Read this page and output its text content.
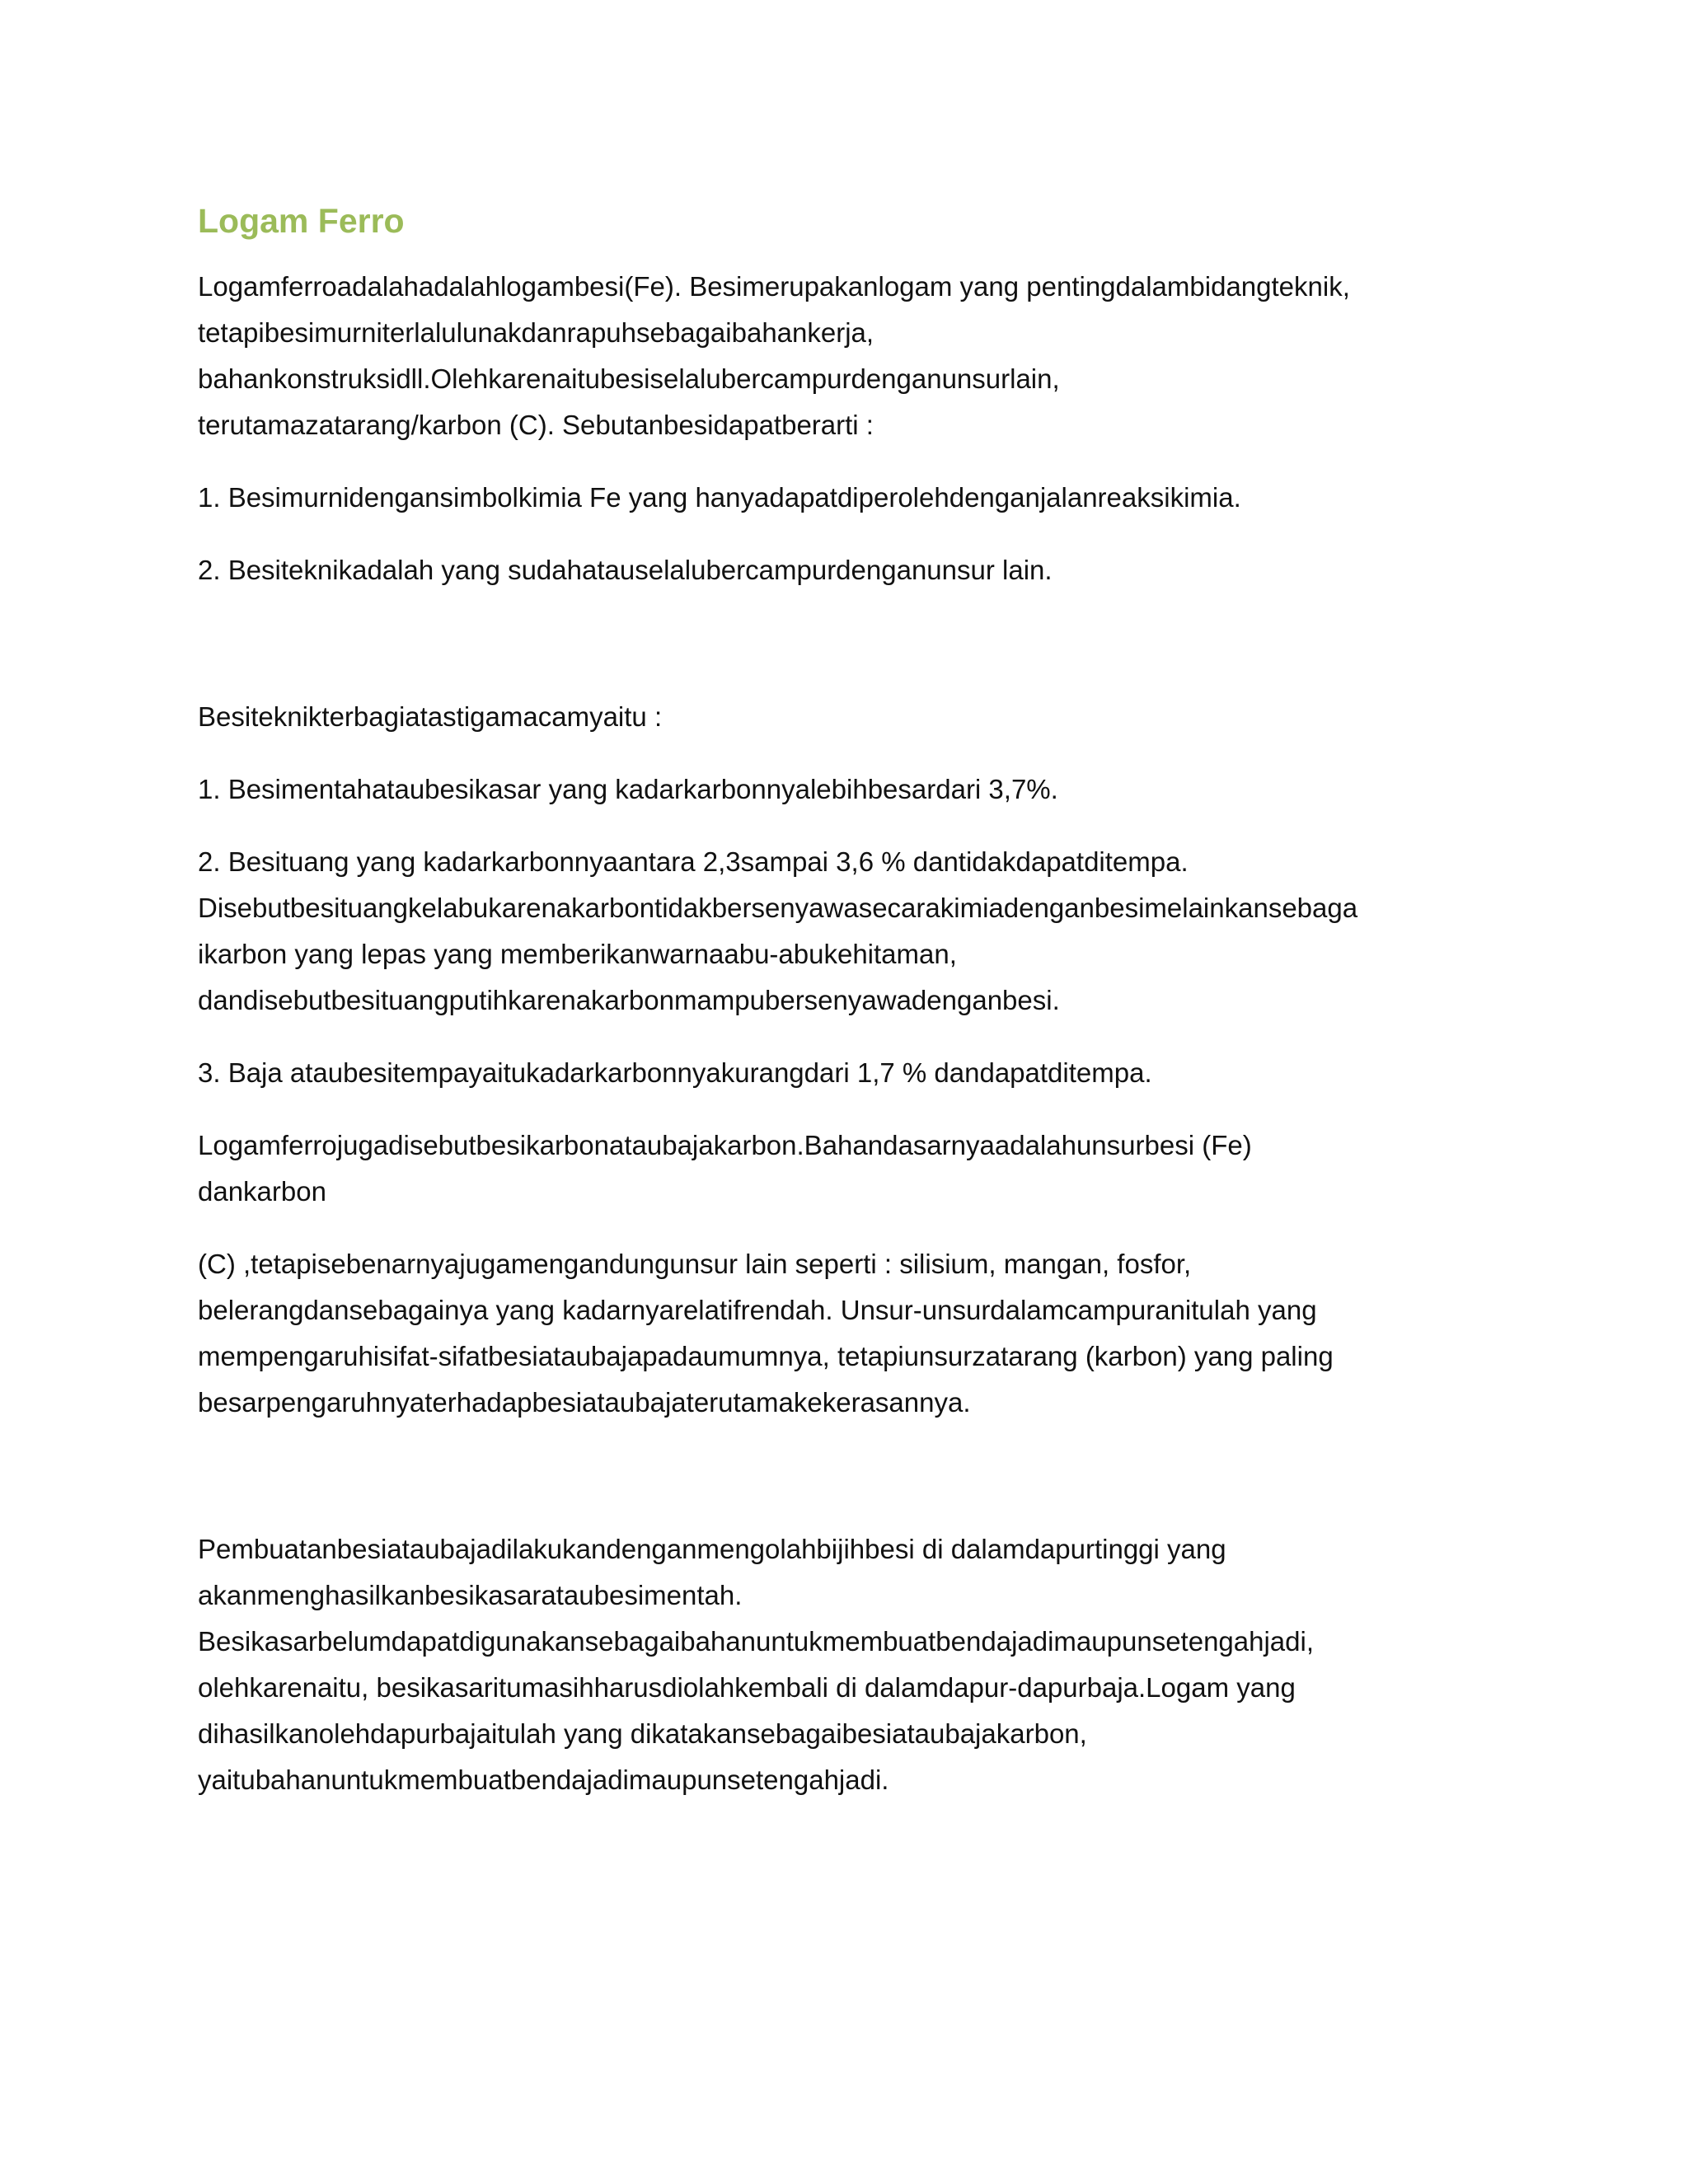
Logam Ferro
Logamferroadalahadalahlogambesi(Fe). Besimerupakanlogam yang pentingdalambidangteknik,
tetapibesimurniterlalulunakdanrapuhsebagaibahankerja,
bahankonstruksidll.Olehkarenaitubesiselalubercampurdenganunsurlain,
terutamazatarang/karbon (C). Sebutanbesidapatberarti :
1. Besimurnidengansimbolkimia Fe yang hanyadapatdiperolehdenganjalanreaksikimia.
2. Besiteknikadalah yang sudahatauselalubercampurdenganunsur lain.
Besiteknikterbagiatastigamacamyaitu :
1. Besimentahataubesikasar yang kadarkarbonnyalebihbesardari 3,7%.
2. Besituang yang kadarkarbonnyaantara 2,3sampai 3,6 % dantidakdapatditempa.
Disebutbesituangkelabukarenakarbontidakbersenyawasecarakimiadenganbesimelainkansebaga
ikarbon yang lepas yang memberikanwarnaabu-abukehitaman,
dandisebutbesituangputihkarenakarbonmampubersenyawadenganbesi.
3. Baja ataubesitempayaitukadarkarbonnyakurangdari 1,7 % dandapatditempa.
Logamferrojugadisebutbesikarbonataubajakarbon.Bahandasarnyaadalahunsurbesi (Fe)
dankarbon
(C) ,tetapisebenarnyajugamengandungunsur lain seperti : silisium, mangan, fosfor,
belerangdansebagainya yang kadarnyarelatifrendah. Unsur-unsurdalamcampuranitulah yang
mempengaruhisifat-sifatbesiataubajapadaumumnya, tetapiunsurzatarang (karbon) yang paling
besarpengaruhnyaterhadapbesiataubajaterutamakekerasannya.
Pembuatanbesiataubajadilakukandenganmengolahbijihbesi di dalamdapurtinggi yang
akanmenghasilkanbesikasarataubesimentah.
Besikasarbelumdapatdigunakansebagaibahanuntukmembuatbendajadimaupunsetengahjadi,
olehkarenaitu, besikasaritumasihharusdiolahkembali di dalamdapur-dapurbaja.Logam yang
dihasilkanolehdapurbajaitulah yang dikatakansebagaibesiataubajakarbon,
yaitubahanuntukmembuatbendajadimaupunsetengahjadi.
